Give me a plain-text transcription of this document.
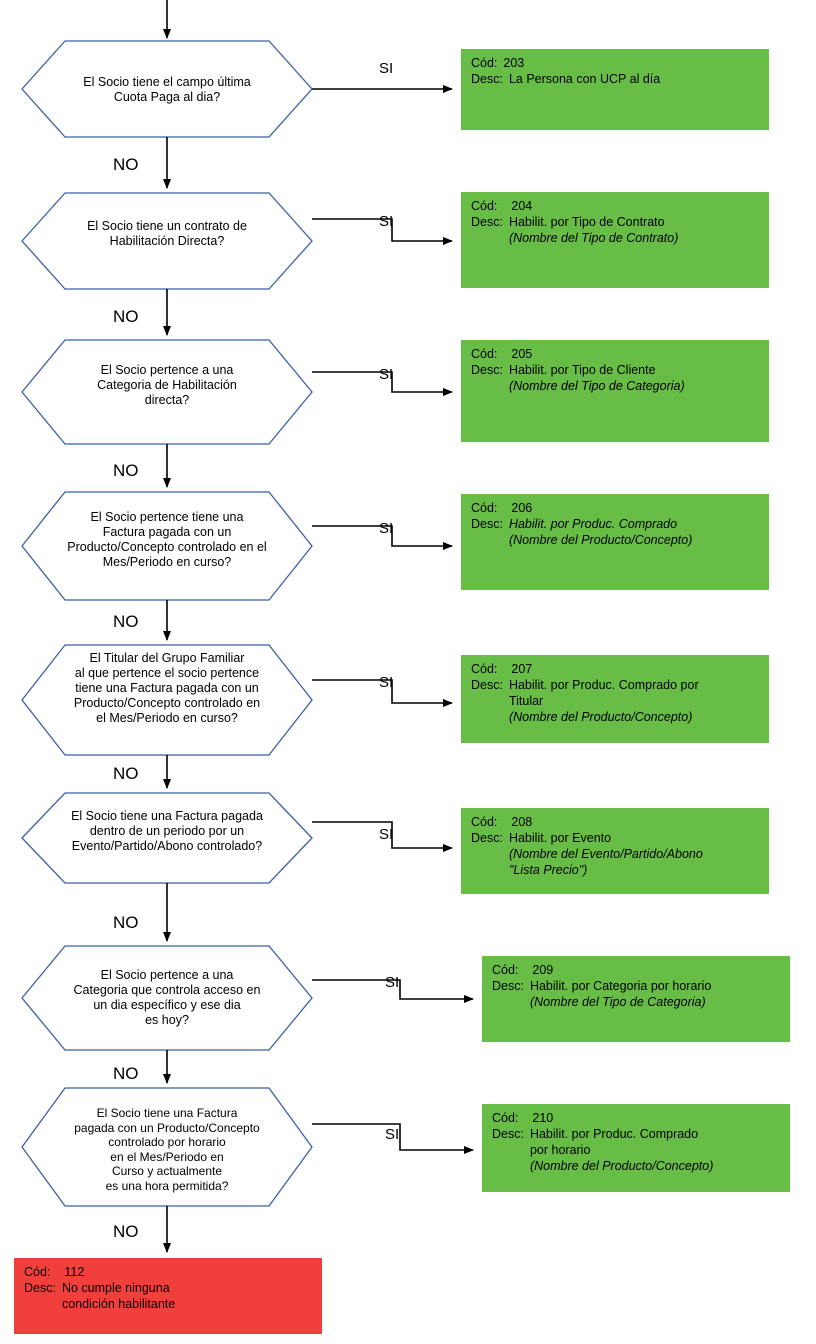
El Socio tiene el campo última
Cuota Paga al dia?
El Socio tiene un contrato de
Habilitación Directa?
El Socio pertence a una
Categoria de Habilitación
directa?
El Socio pertence tiene una
Factura pagada con un
Producto/Concepto controlado en el
Mes/Periodo en curso?
El Titular del Grupo Familiar
al que pertence el socio pertence
tiene una Factura pagada con un
Producto/Concepto controlado en
el Mes/Periodo en curso?
El Socio tiene una Factura pagada
dentro de un periodo por un
Evento/Partido/Abono controlado?
El Socio pertence a una
Categoria que controla acceso en
un dia específico y ese dia
es hoy?
El Socio tiene una Factura
pagada con un Producto/Concepto
controlado por horario
en el Mes/Periodo en
Curso y actualmente
es una hora permitida?
SI
SI
SI
SI
SI
SI
SI
SI
NO
NO
NO
NO
NO
NO
NO
NO
Cód: 203
Desc: La Persona con UCP al día
Cód:	204
Desc: Habilit. por Tipo de Contrato
(Nombre del Tipo de Contrato)
Cód:	205
Desc: Habilit. por Tipo de Cliente
(Nombre del Tipo de Categoria)
Cód:	206
Desc: Habilit. por Produc. Comprado
(Nombre del Producto/Concepto)
Cód:	207
Desc: Habilit. por Produc. Comprado por
Titular
(Nombre del Producto/Concepto)
Cód:	208
Desc: Habilit. por Evento
(Nombre del Evento/Partido/Abono
"Lista Precio")
Cód:	209
Desc: Habilit. por Categoria por horario
(Nombre del Tipo de Categoria)
Cód:	210
Desc: Habilit. por Produc. Comprado
por horario
(Nombre del Producto/Concepto)
Cód:	112
Desc: No cumple ninguna
condición habilitante
